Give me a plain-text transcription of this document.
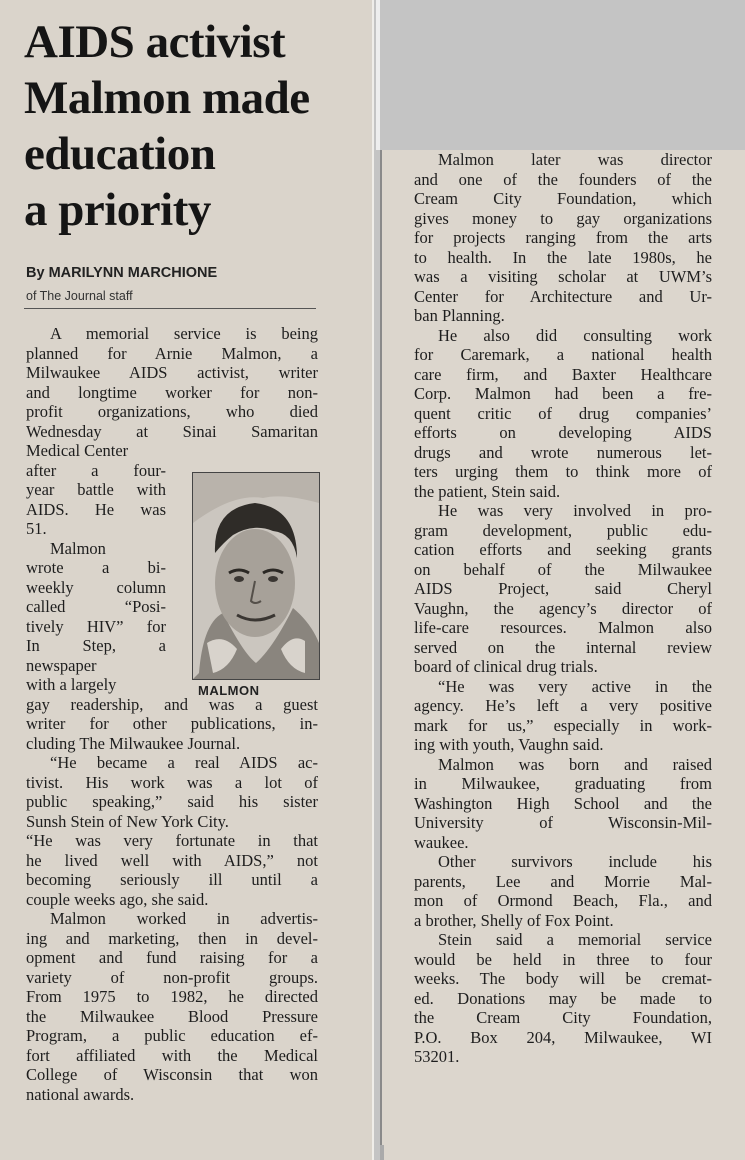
AIDS activist
Malmon made
education
a priority
By MARILYNN MARCHIONE
of The Journal staff
A memorial service is being
planned for Arnie Malmon, a
Milwaukee AIDS activist, writer
and longtime worker for non-
profit organizations, who died
Wednesday at Sinai Samaritan
Medical Center
after a four-
year battle with
AIDS. He was
51.
Malmon
wrote a bi-
weekly column
called “Posi-
tively HIV” for
In Step, a
newspaper
with a largely
gay readership, and was a guest
writer for other publications, in-
cluding The Milwaukee Journal.
“He became a real AIDS ac-
tivist. His work was a lot of
public speaking,” said his sister
Sunsh Stein of New York City.
“He was very fortunate in that
he lived well with AIDS,” not
becoming seriously ill until a
couple weeks ago, she said.
Malmon worked in advertis-
ing and marketing, then in devel-
opment and fund raising for a
variety of non-profit groups.
From 1975 to 1982, he directed
the Milwaukee Blood Pressure
Program, a public education ef-
fort affiliated with the Medical
College of Wisconsin that won
national awards.
MALMON
Malmon later was director
and one of the founders of the
Cream City Foundation, which
gives money to gay organizations
for projects ranging from the arts
to health. In the late 1980s, he
was a visiting scholar at UWM’s
Center for Architecture and Ur-
ban Planning.
He also did consulting work
for Caremark, a national health
care firm, and Baxter Healthcare
Corp. Malmon had been a fre-
quent critic of drug companies’
efforts on developing AIDS
drugs and wrote numerous let-
ters urging them to think more of
the patient, Stein said.
He was very involved in pro-
gram development, public edu-
cation efforts and seeking grants
on behalf of the Milwaukee
AIDS Project, said Cheryl
Vaughn, the agency’s director of
life-care resources. Malmon also
served on the internal review
board of clinical drug trials.
“He was very active in the
agency. He’s left a very positive
mark for us,” especially in work-
ing with youth, Vaughn said.
Malmon was born and raised
in Milwaukee, graduating from
Washington High School and the
University of Wisconsin-Mil-
waukee.
Other survivors include his
parents, Lee and Morrie Mal-
mon of Ormond Beach, Fla., and
a brother, Shelly of Fox Point.
Stein said a memorial service
would be held in three to four
weeks. The body will be cremat-
ed. Donations may be made to
the Cream City Foundation,
P.O. Box 204, Milwaukee, WI
53201.
